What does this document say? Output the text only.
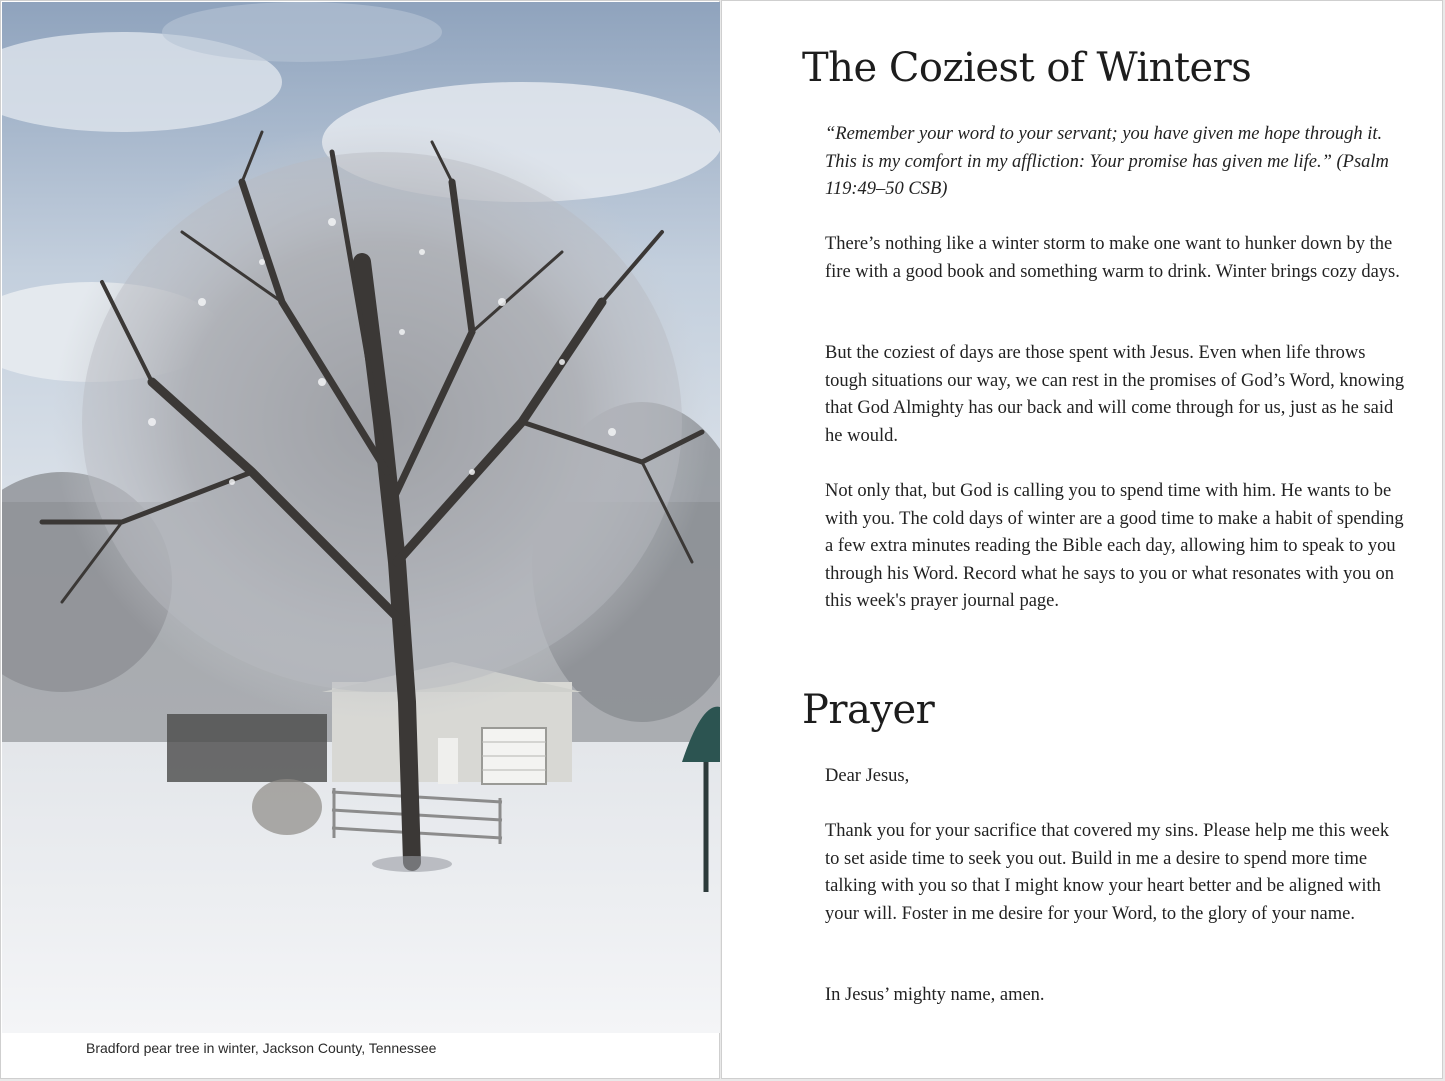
Bradford pear tree in winter, Jackson County, Tennessee
The Coziest of Winters

“Remember your word to your servant; you have given me hope through it. This is my comfort in my affliction: Your promise has given me life.” (Psalm 119:49–50 CSB)

There’s nothing like a winter storm to make one want to hunker down by the fire with a good book and something warm to drink. Winter brings cozy days.

But the coziest of days are those spent with Jesus. Even when life throws tough situations our way, we can rest in the promises of God’s Word, knowing that God Almighty has our back and will come through for us, just as he said he would.

Not only that, but God is calling you to spend time with him. He wants to be with you. The cold days of winter are a good time to make a habit of spending a few extra minutes reading the Bible each day, allowing him to speak to you through his Word. Record what he says to you or what resonates with you on this week's prayer journal page.

Prayer

Dear Jesus,

Thank you for your sacrifice that covered my sins. Please help me this week to set aside time to seek you out. Build in me a desire to spend more time talking with you so that I might know your heart better and be aligned with your will. Foster in me desire for your Word, to the glory of your name.

In Jesus’ mighty name, amen.
